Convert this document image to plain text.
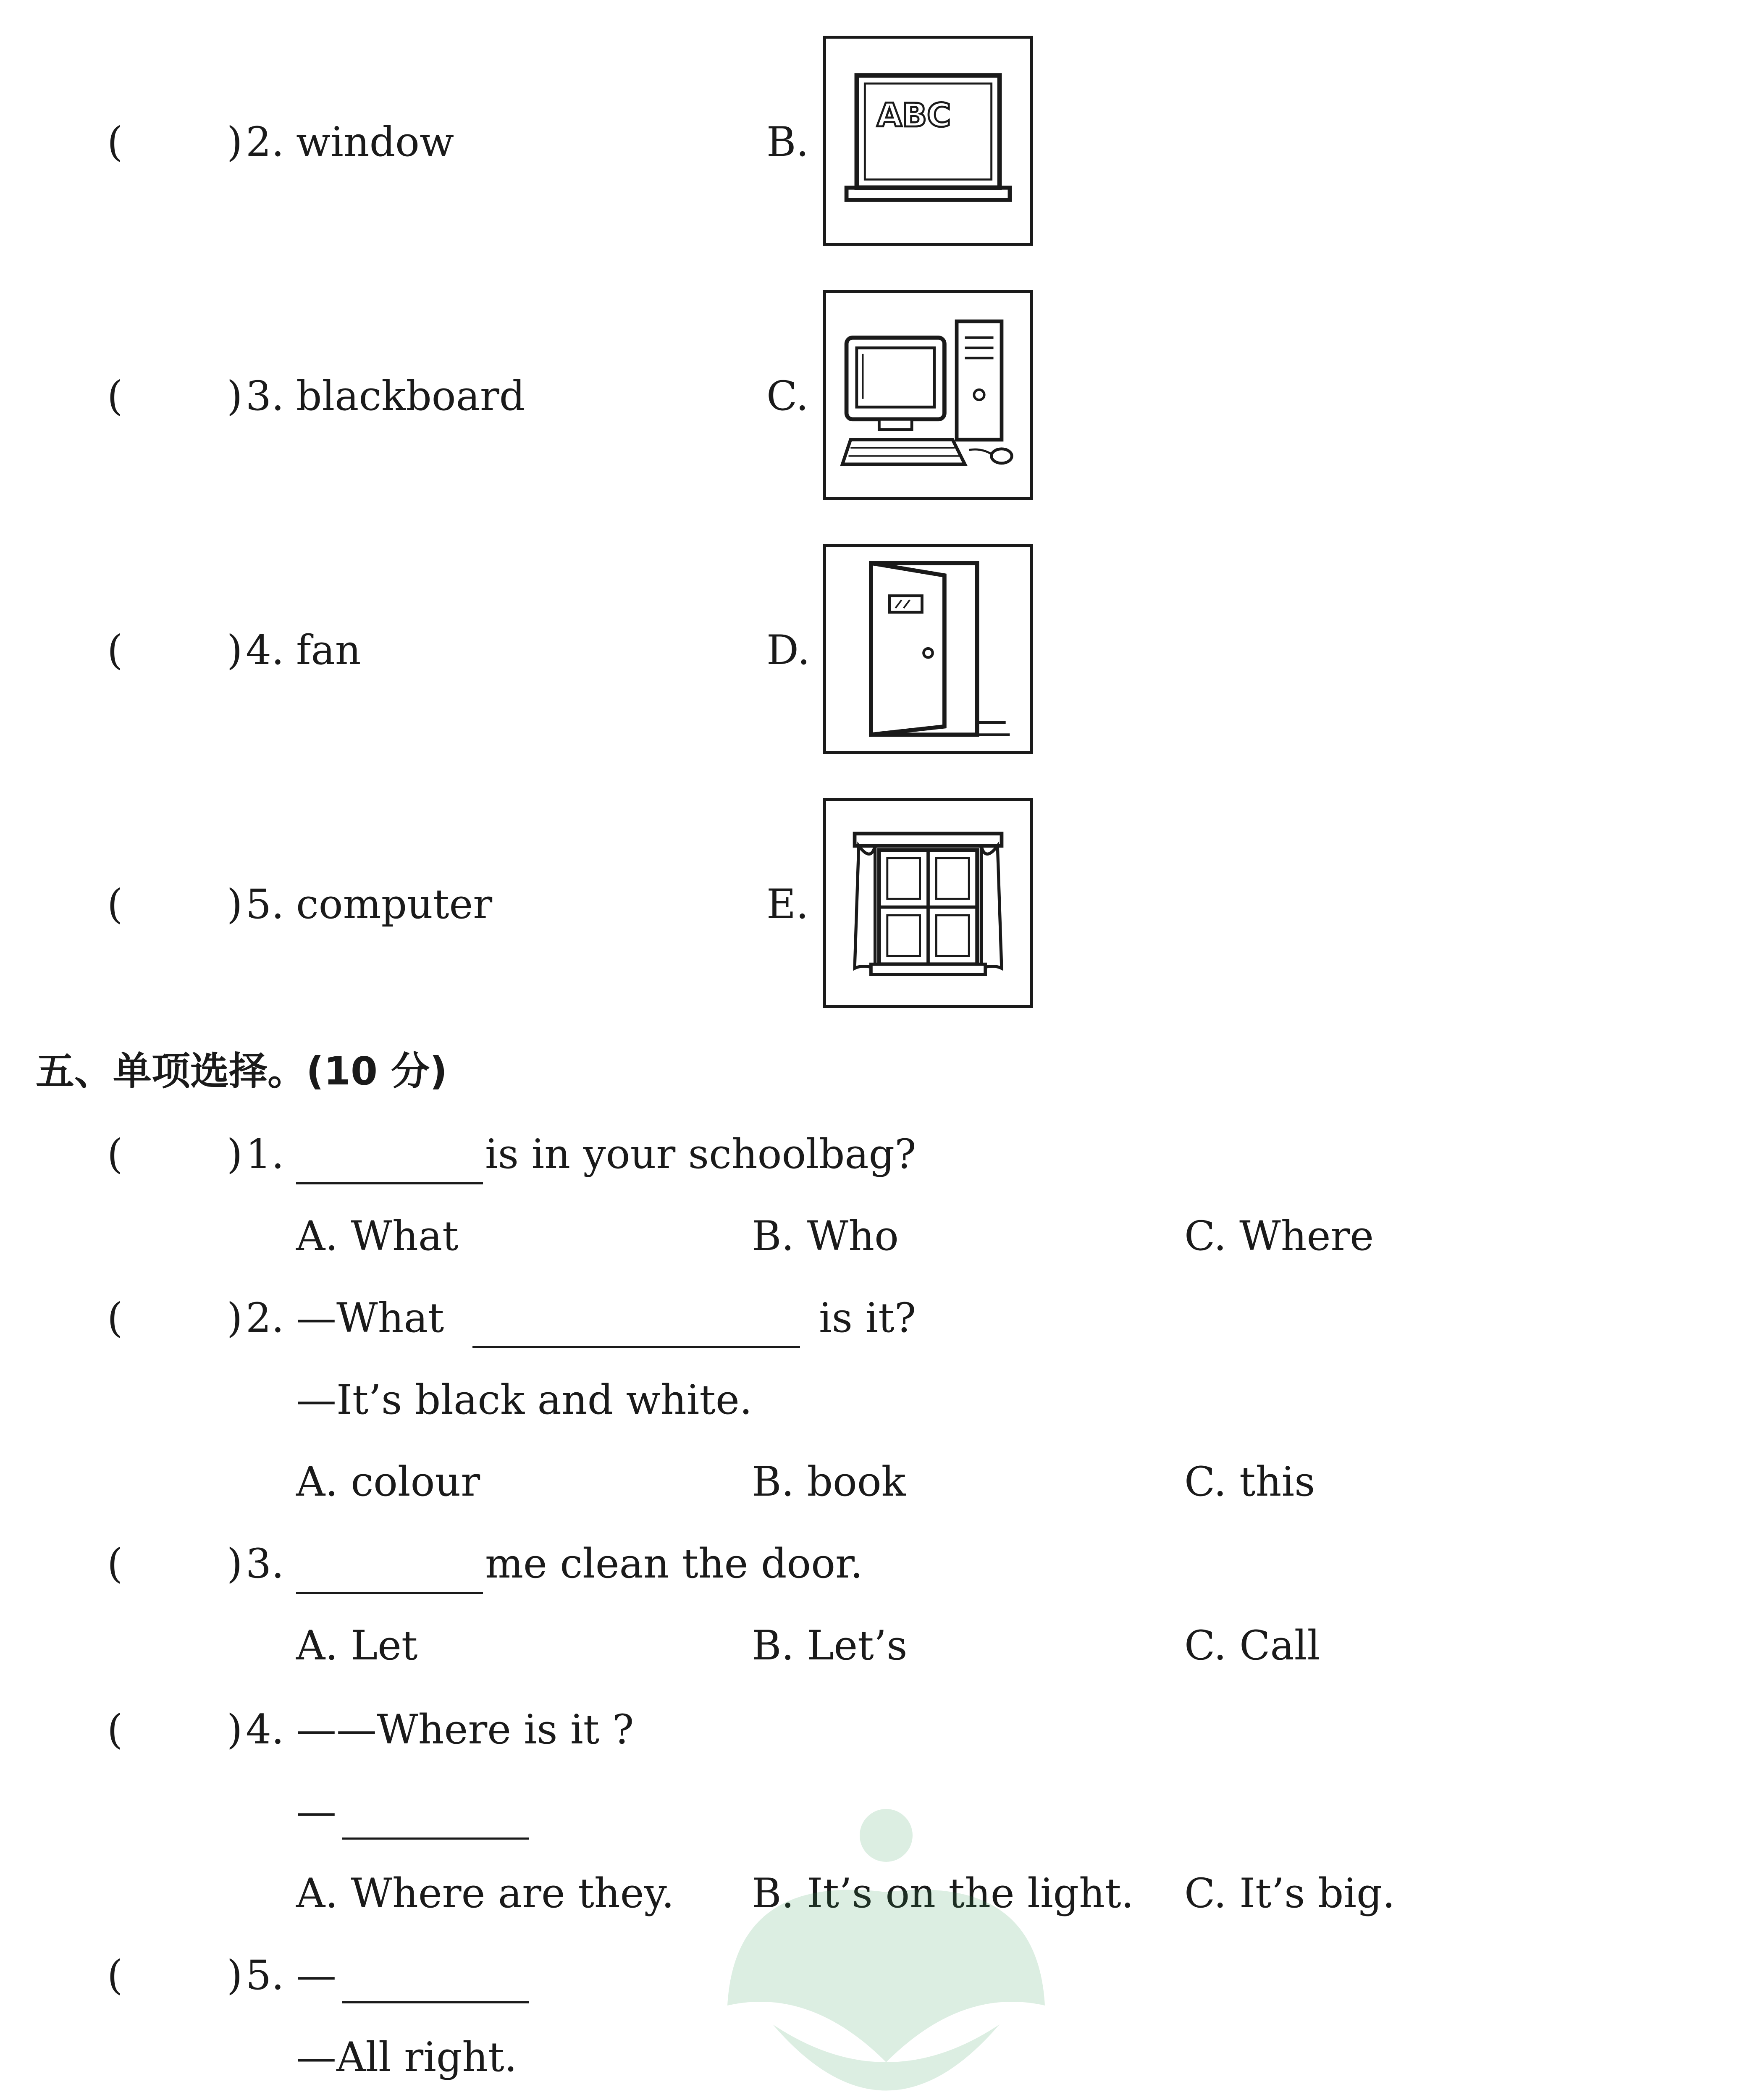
(	) 2. window	B.
(	) 3. blackboard	C.
(	) 4. fan	D.
(	) 5. computer	E.
ABC
五、单项选择。(10 分)
(	) 1.	is in your schoolbag?
A. What	B. Who	C. Where
(	) 2. —What	is it?
—It’s black and white.
A. colour	B. book	C. this
(	) 3.	me clean the door.
A. Let	B. Let’s	C. Call
(	) 4. ——Where is it ?
—
A. Where are they. B. It’s on the light. C. It’s big.
(	) 5. —
—All right.
